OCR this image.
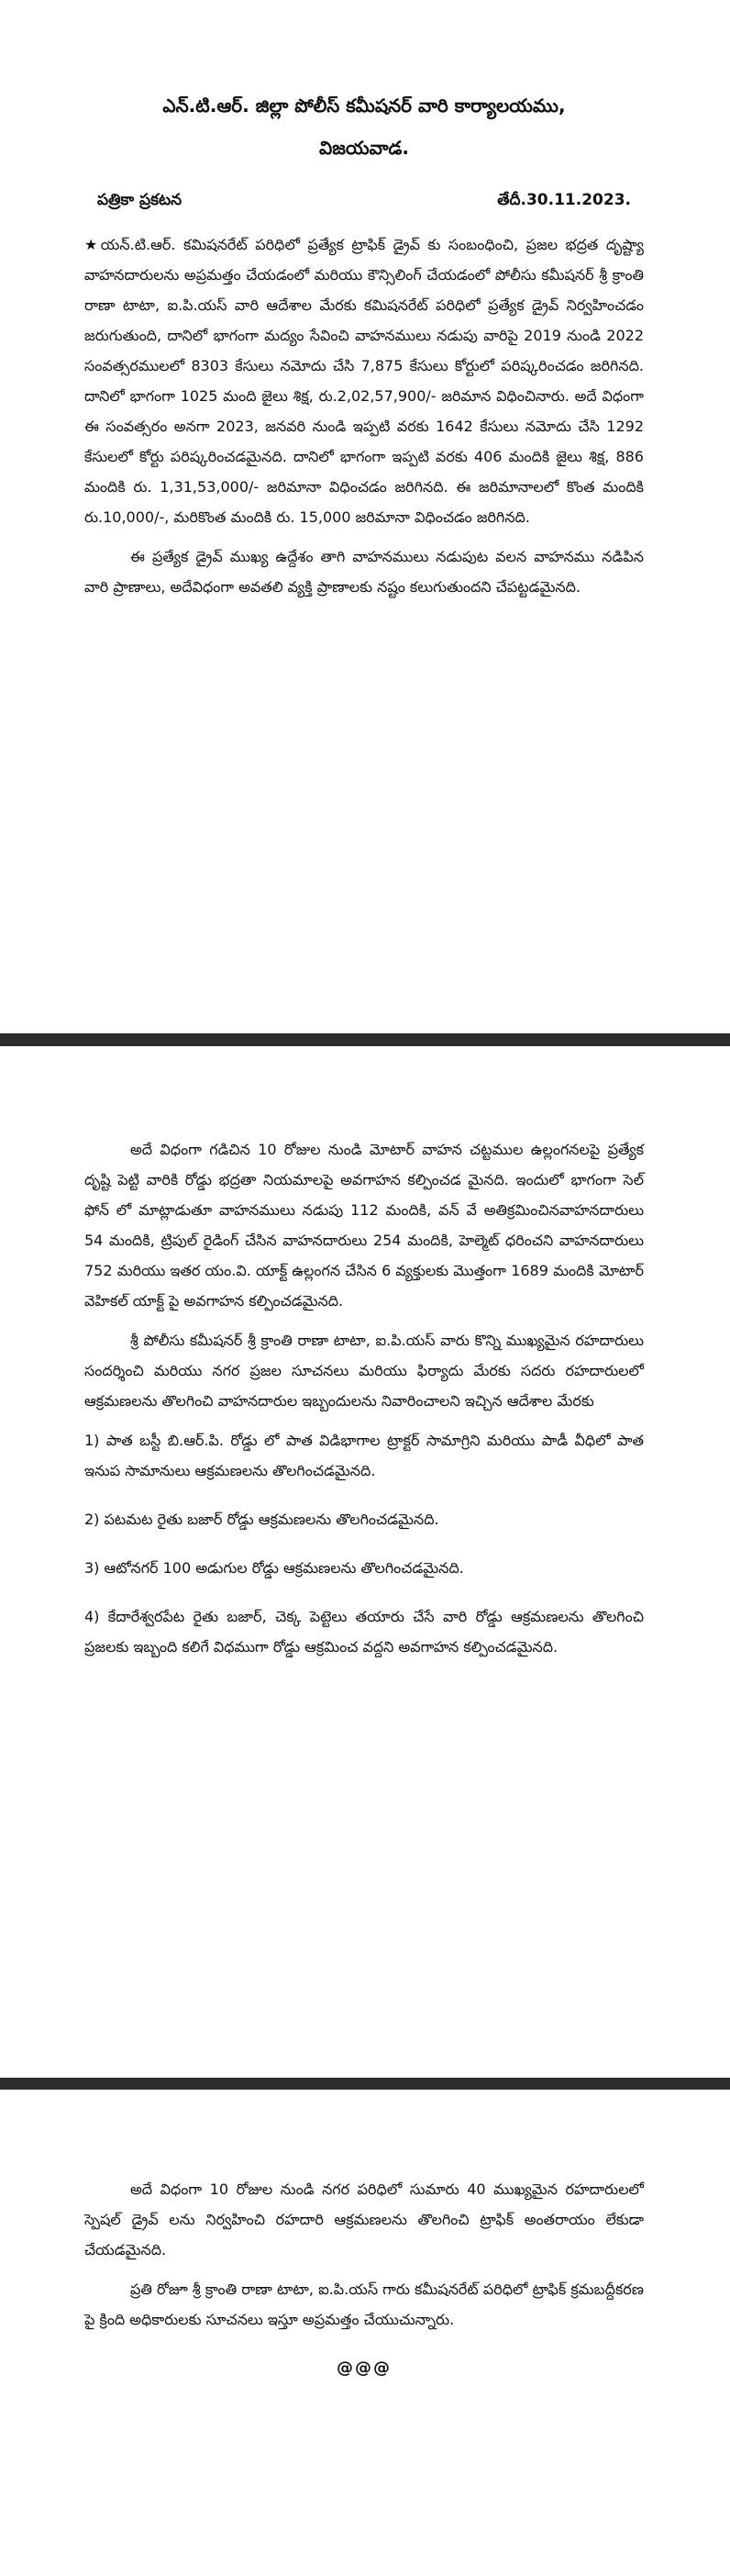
ఎన్.టి.ఆర్. జిల్లా పోలీస్ కమీషనర్ వారి కార్యాలయము,
విజయవాడ.
పత్రికా ప్రకటన	తేదీ.30.11.2023.

★యన్.టి.ఆర్. కమిషనరేట్ పరిధిలో ప్రత్యేక ట్రాఫిక్ డ్రైవ్ కు సంబంధించి, ప్రజల భద్రత దృష్ట్యా వాహనదారులను అప్రమత్తం చేయడంలో మరియు కౌన్సిలింగ్ చేయడంలో పోలీసు కమీషనర్ శ్రీ క్రాంతి రాణా టాటా, ఐ.పి.యస్ వారి ఆదేశాల మేరకు కమిషనరేట్ పరిధిలో ప్రత్యేక డ్రైవ్ నిర్వహించడం జరుగుతుంది, దానిలో భాగంగా మద్యం సేవించి వాహనములు నడుపు వారిపై 2019 నుండి 2022 సంవత్సరములలో 8303 కేసులు నమోదు చేసి 7,875 కేసులు కోర్టులో పరిష్కరించడం జరిగినది. దానిలో భాగంగా 1025 మంది జైలు శిక్ష, రు.2,02,57,900/- జరిమాన విధించినారు. అదే విధంగా ఈ సంవత్సరం అనగా 2023, జనవరి నుండి ఇప్పటి వరకు 1642 కేసులు నమోదు చేసి 1292 కేసులలో కోర్టు పరిష్కరించడమైనది. దానిలో భాగంగా ఇప్పటి వరకు 406 మందికి జైలు శిక్ష, 886 మందికి రు. 1,31,53,000/- జరిమానా విధించడం జరిగినది. ఈ జరిమానాలలో కొంత మందికి రు.10,000/-, మరికొంత మందికి రు. 15,000 జరిమానా విధించడం జరిగినది.

ఈ ప్రత్యేక డ్రైవ్ ముఖ్య ఉద్దేశం తాగి వాహనములు నడుపుట వలన వాహనము నడిపిన వారి ప్రాణాలు, అదేవిధంగా అవతలి వ్యక్తి ప్రాణాలకు నష్టం కలుగుతుందని చేపట్టడమైనది.

అదే విధంగా గడిచిన 10 రోజుల నుండి మోటార్ వాహన చట్టముల ఉల్లంగనలపై ప్రత్యేక దృష్టి పెట్టి వారికి రోడ్డు భద్రతా నియమాలపై అవగాహన కల్పించడ మైనది. ఇందులో భాగంగా సెల్ ఫోన్ లో మాట్లాడుతూ వాహనములు నడుపు 112 మందికి, వన్ వే అతిక్రమించినవాహనదారులు 54 మందికి, ట్రిపుల్ రైడింగ్ చేసిన వాహనదారులు 254 మందికి, హెల్మెట్ ధరించని వాహనదారులు 752 మరియు ఇతర యం.వి. యాక్ట్ ఉల్లంగన చేసిన 6 వ్యక్తులకు మొత్తంగా 1689 మందికి మోటార్ వెహికల్ యాక్ట్ పై అవగాహన కల్పించడమైనది.

శ్రీ పోలీసు కమీషనర్ శ్రీ క్రాంతి రాణా టాటా, ఐ.పి.యస్ వారు కొన్ని ముఖ్యమైన రహదారులు సందర్శించి మరియు నగర ప్రజల సూచనలు మరియు ఫిర్యాదు మేరకు సదరు రహదారులలో ఆక్రమణలను తొలగించి వాహనదారుల ఇబ్బందులను నివారించాలని ఇచ్చిన ఆదేశాల మేరకు

1) పాత బస్టీ బి.ఆర్.పి. రోడ్డు లో పాత విడిభాగాల ట్రాక్టర్ సామాగ్రిని మరియు పాడీ వీధిలో పాత ఇనుప సామానులు ఆక్రమణలను తొలగించడమైనది.

2) పటమట రైతు బజార్ రోడ్డు ఆక్రమణలను తొలగించడమైనది.

3) ఆటోనగర్ 100 అడుగుల రోడ్డు ఆక్రమణలను తొలగించడమైనది.

4) కేదారేశ్వరపేట రైతు బజార్, చెక్క పెట్టెలు తయారు చేసే వారి రోడ్డు ఆక్రమణలను తొలగించి ప్రజలకు ఇబ్బంది కలిగే విధముగా రోడ్డు ఆక్రమించ వద్దని అవగాహన కల్పించడమైనది.

అదే విధంగా 10 రోజుల నుండి నగర పరిధిలో సుమారు 40 ముఖ్యమైన రహదారులలో స్పెషల్ డ్రైవ్ లను నిర్వహించి రహదారి ఆక్రమణలను తొలగించి ట్రాఫిక్ అంతరాయం లేకుడా చేయడమైనది.

ప్రతి రోజూ శ్రీ క్రాంతి రాణా టాటా, ఐ.పి.యస్ గారు కమీషనరేట్ పరిధిలో ట్రాఫిక్ క్రమబద్దీకరణ పై క్రింది అధికారులకు సూచనలు ఇస్తూ అప్రమత్తం చేయుచున్నారు.

@@@
